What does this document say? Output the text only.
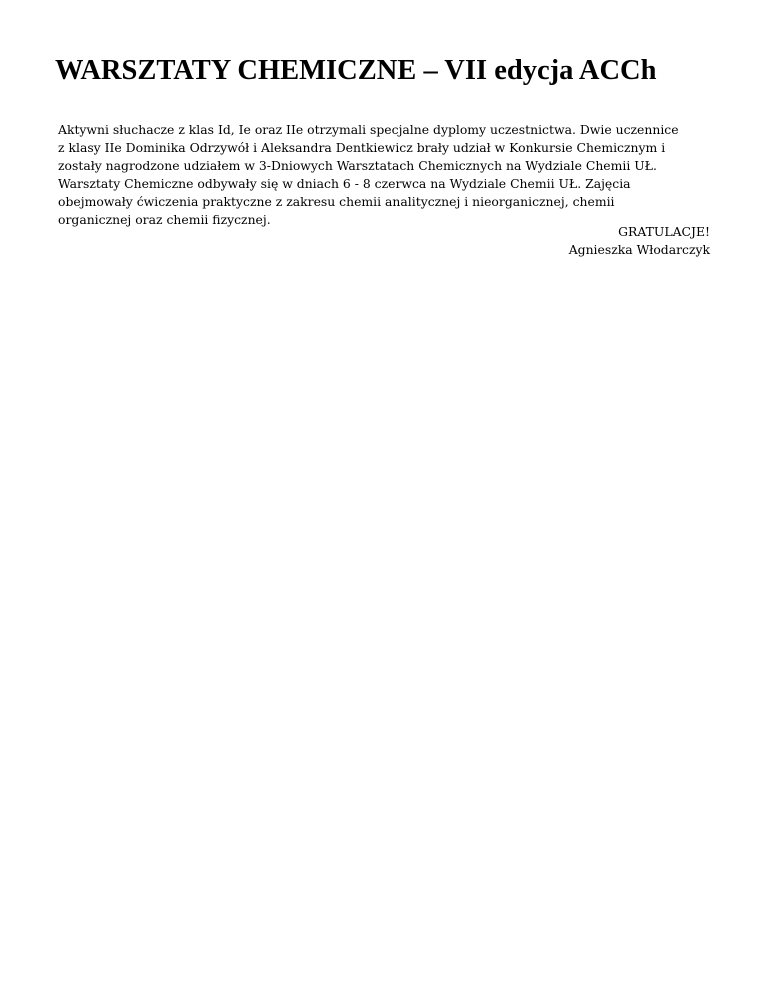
WARSZTATY CHEMICZNE – VII edycja ACCh

Aktywni słuchacze z klas Id, Ie oraz IIe otrzymali specjalne dyplomy uczestnictwa. Dwie uczennice
z klasy IIe Dominika Odrzywół i Aleksandra Dentkiewicz brały udział w Konkursie Chemicznym i
zostały nagrodzone udziałem w 3-Dniowych Warsztatach Chemicznych na Wydziale Chemii UŁ.
Warsztaty Chemiczne odbywały się w dniach 6 - 8 czerwca na Wydziale Chemii UŁ. Zajęcia
obejmowały ćwiczenia praktyczne z zakresu chemii analitycznej i nieorganicznej, chemii
organicznej oraz chemii fizycznej.

GRATULACJE!
Agnieszka Włodarczyk
